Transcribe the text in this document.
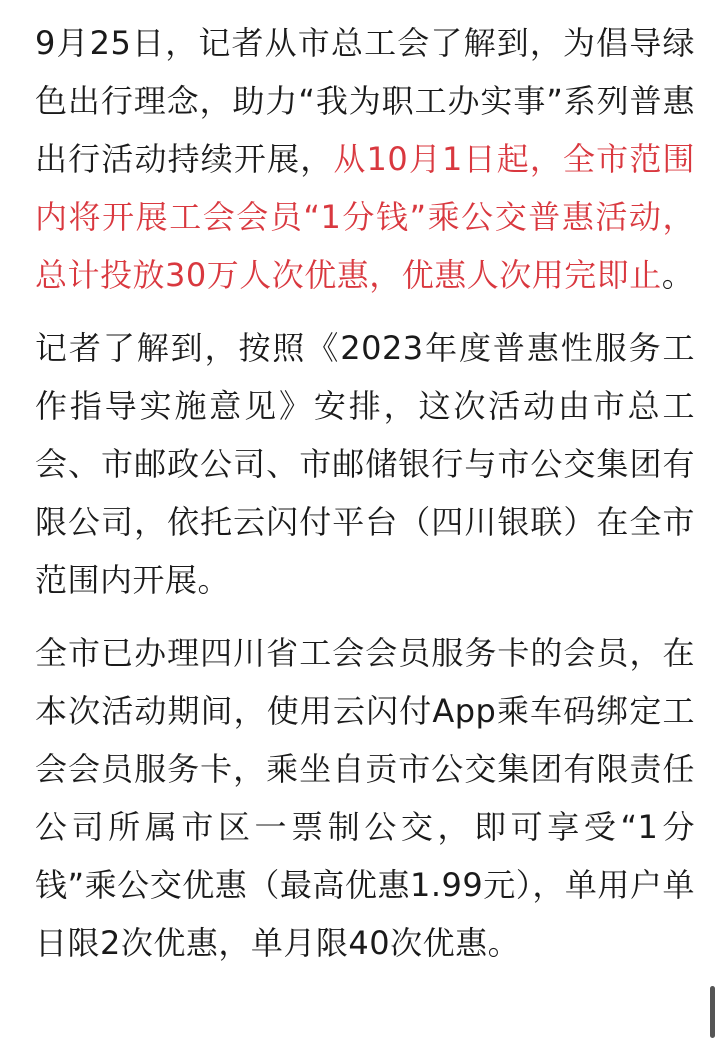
9月25日，记者从市总工会了解到，为倡导绿色出行理念，助力“我为职工办实事”系列普惠出行活动持续开展，从10月1日起，全市范围内将开展工会会员“1分钱”乘公交普惠活动，总计投放30万人次优惠，优惠人次用完即止。

记者了解到，按照《2023年度普惠性服务工作指导实施意见》安排，这次活动由市总工会、市邮政公司、市邮储银行与市公交集团有限公司，依托云闪付平台（四川银联）在全市范围内开展。

全市已办理四川省工会会员服务卡的会员，在本次活动期间，使用云闪付App乘车码绑定工会会员服务卡，乘坐自贡市公交集团有限责任公司所属市区一票制公交，即可享受“1分钱”乘公交优惠（最高优惠1.99元），单用户单日限2次优惠，单月限40次优惠。
